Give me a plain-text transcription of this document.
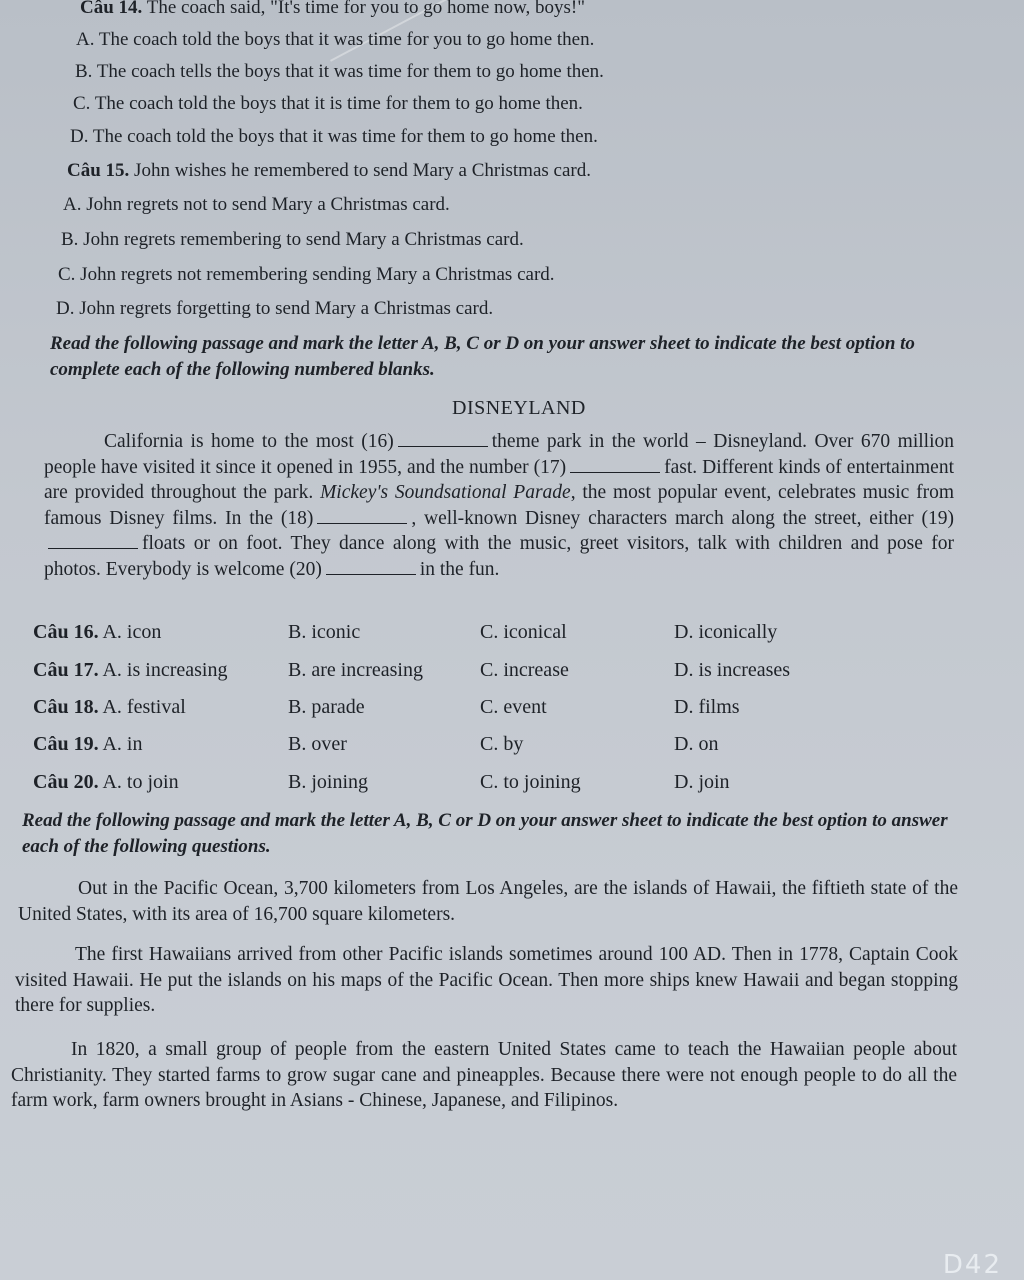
Câu 14. The coach said, "It's time for you to go home now, boys!"
A. The coach told the boys that it was time for you to go home then.
B. The coach tells the boys that it was time for them to go home then.
C. The coach told the boys that it is time for them to go home then.
D. The coach told the boys that it was time for them to go home then.
Câu 15. John wishes he remembered to send Mary a Christmas card.
A. John regrets not to send Mary a Christmas card.
B. John regrets remembering to send Mary a Christmas card.
C. John regrets not remembering sending Mary a Christmas card.
D. John regrets forgetting to send Mary a Christmas card.
Read the following passage and mark the letter A, B, C or D on your answer sheet to indicate the best option to complete each of the following numbered blanks.
DISNEYLAND
California is home to the most (16)	theme park in the world – Disneyland. Over 670 million people have visited it since it opened in 1955, and the number (17)	fast. Different kinds of entertainment are provided throughout the park. Mickey's Soundsational Parade, the most popular event, celebrates music from famous Disney films. In the (18)	, well-known Disney characters march along the street, either (19)floats or on foot. They dance along with the music, greet visitors, talk with children and pose for photos. Everybody is welcome (20)	in the fun.
Câu 16. A. icon	B. iconic	C. iconical	D. iconically
Câu 17. A. is increasing	B. are increasing	C. increase	D. is increases
Câu 18. A. festival	B. parade	C. event	D. films
Câu 19. A. in	B. over	C. by	D. on
Câu 20. A. to join	B. joining	C. to joining	D. join
Read the following passage and mark the letter A, B, C or D on your answer sheet to indicate the best option to answer each of the following questions.
Out in the Pacific Ocean, 3,700 kilometers from Los Angeles, are the islands of Hawaii, the fiftieth state of the United States, with its area of 16,700 square kilometers.
The first Hawaiians arrived from other Pacific islands sometimes around 100 AD. Then in 1778, Captain Cook visited Hawaii. He put the islands on his maps of the Pacific Ocean. Then more ships knew Hawaii and began stopping there for supplies.
In 1820, a small group of people from the eastern United States came to teach the Hawaiian people about Christianity. They started farms to grow sugar cane and pineapples. Because there were not enough people to do all the farm work, farm owners brought in Asians - Chinese, Japanese, and Filipinos.
D42
